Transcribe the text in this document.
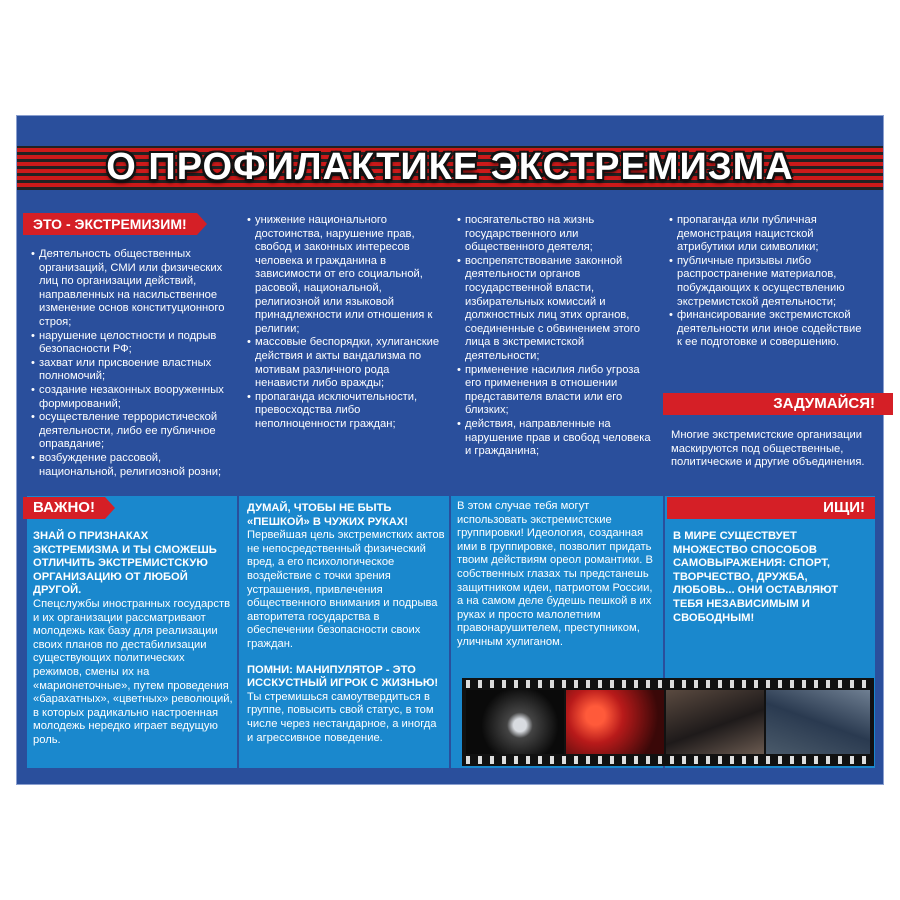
О ПРОФИЛАКТИКЕ ЭКСТРЕМИЗМА
ЭТО - ЭКСТРЕМИЗИМ!
• Деятельность общественных организаций, СМИ или физических лиц по организации действий, направленных на насильственное изменение основ конституционного строя;
• нарушение целостности и подрыв безопасности РФ;
• захват или присвоение властных полномочий;
• создание незаконных вооруженных формирований;
• осуществление террористической деятельности, либо ее публичное оправдание;
• возбуждение рассовой, национальной, религиозной розни;
• унижение национального достоинства, нарушение прав, свобод и законных интересов человека и гражданина в зависимости от его социальной, расовой, национальной, религиозной или языковой принадлежности или отношения к религии;
• массовые беспорядки, хулиганские действия и акты вандализма по мотивам различного рода ненависти либо вражды;
• пропаганда исключительности, превосходства либо неполноценности граждан;
• посягательство на жизнь государственного или общественного деятеля;
• воспрепятствование законной деятельности органов государственной власти, избирательных комиссий и должностных лиц этих органов, соединенные с обвинением этого лица в экстремистской деятельности;
• применение насилия либо угроза его применения в отношении представителя власти или его близких;
• действия, направленные на нарушение прав и свобод человека и гражданина;
• пропаганда или публичная демонстрация нацистской атрибутики или символики;
• публичные призывы либо распространение материалов, побуждающих к осуществлению экстремистской деятельности;
• финансирование экстремистской деятельности или иное содействие к ее подготовке и совершению.
ЗАДУМАЙСЯ!
Многие экстремистские организации маскируются под общественные, политические и другие объединения.
ВАЖНО!
ЗНАЙ О ПРИЗНАКАХ ЭКСТРЕМИЗМА И ТЫ СМОЖЕШЬ ОТЛИЧИТЬ ЭКСТРЕМИСТСКУЮ ОРГАНИЗАЦИЮ ОТ ЛЮБОЙ ДРУГОЙ.
Спецслужбы иностранных государств и их организации рассматривают молодежь как базу для реализации своих планов по дестабилизации существующих политических режимов, смены их на «марионеточные», путем проведения «барахатных», «цветных» революций, в которых радикально настроенная молодежь нередко играет ведущую роль.
ДУМАЙ, ЧТОБЫ НЕ БЫТЬ «ПЕШКОЙ» В ЧУЖИХ РУКАХ!
Первейшая цель экстремистких актов не непосредственный физический вред, а его психологическое воздействие с точки зрения устрашения, привлечения общественного внимания и подрыва авторитета государства в обеспечении безопасности своих граждан.
ПОМНИ: МАНИПУЛЯТОР - ЭТО ИССКУСТНЫЙ ИГРОК С ЖИЗНЬЮ!
Ты стремишься самоутвердиться в группе, повысить свой статус, в том числе через нестандарное, а иногда и агрессивное поведение.
В этом случае тебя могут использовать экстремистские группировки! Идеология, созданная ими в группировке, позволит придать твоим действиям ореол романтики. В собственных глазах ты предстанешь защитником идеи, патриотом России, а на самом деле будешь пешкой в их руках и просто малолетним правонарушителем, преступником, уличным хулиганом.
ИЩИ!
В МИРЕ СУЩЕСТВУЕТ МНОЖЕСТВО СПОСОБОВ САМОВЫРАЖЕНИЯ: СПОРТ, ТВОРЧЕСТВО, ДРУЖБА, ЛЮБОВЬ... ОНИ ОСТАВЛЯЮТ ТЕБЯ НЕЗАВИСИМЫМ И СВОБОДНЫМ!
